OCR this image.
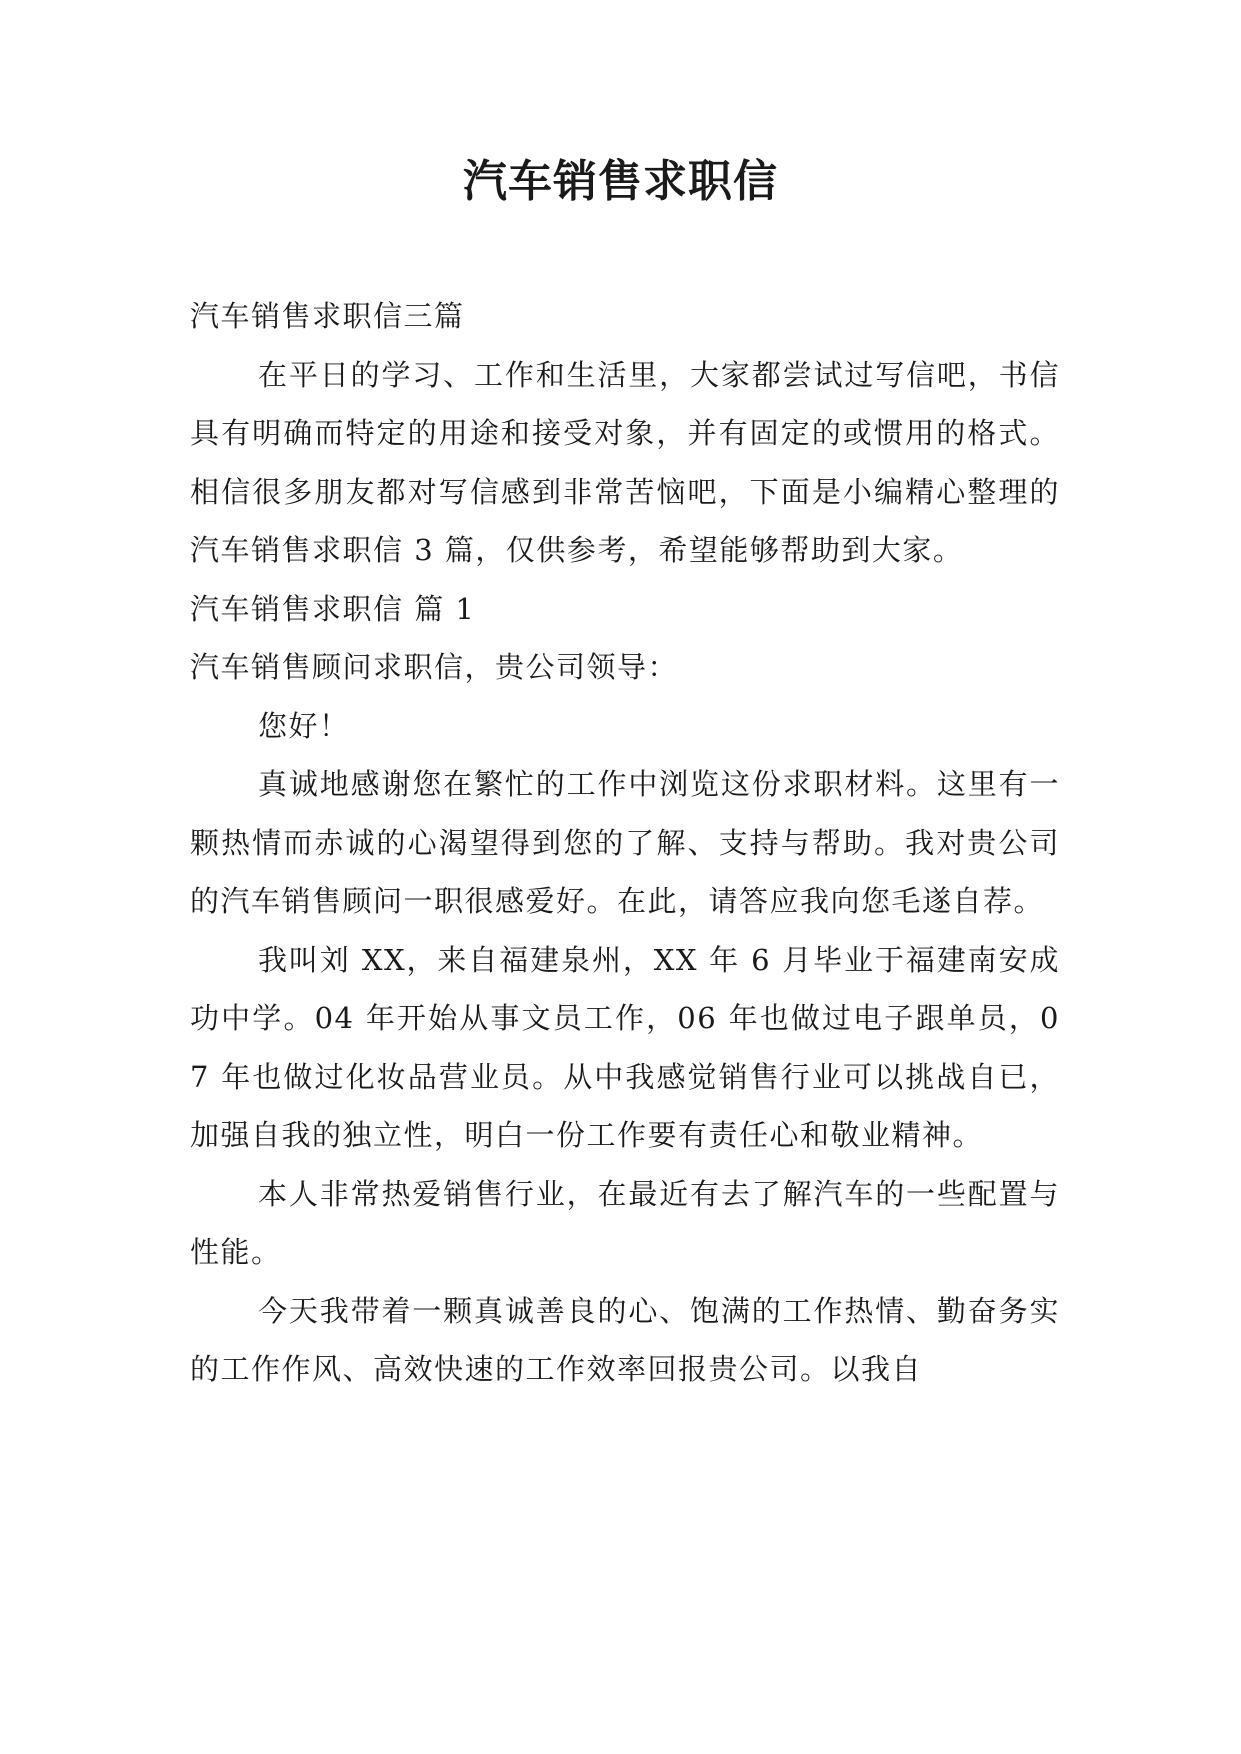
汽车销售求职信

汽车销售求职信三篇

在平日的学习、工作和生活里，大家都尝试过写信吧，书信具有明确而特定的用途和接受对象，并有固定的或惯用的格式。相信很多朋友都对写信感到非常苦恼吧，下面是小编精心整理的汽车销售求职信 3 篇，仅供参考，希望能够帮助到大家。

汽车销售求职信 篇 1

汽车销售顾问求职信，贵公司领导：

您好！

真诚地感谢您在繁忙的工作中浏览这份求职材料。这里有一颗热情而赤诚的心渴望得到您的了解、支持与帮助。我对贵公司的汽车销售顾问一职很感爱好。在此，请答应我向您毛遂自荐。

我叫刘 XX，来自福建泉州，XX 年 6 月毕业于福建南安成功中学。04 年开始从事文员工作，06 年也做过电子跟单员，07 年也做过化妆品营业员。从中我感觉销售行业可以挑战自已，加强自我的独立性，明白一份工作要有责任心和敬业精神。

本人非常热爱销售行业，在最近有去了解汽车的一些配置与性能。

今天我带着一颗真诚善良的心、饱满的工作热情、勤奋务实的工作作风、高效快速的工作效率回报贵公司。以我自
